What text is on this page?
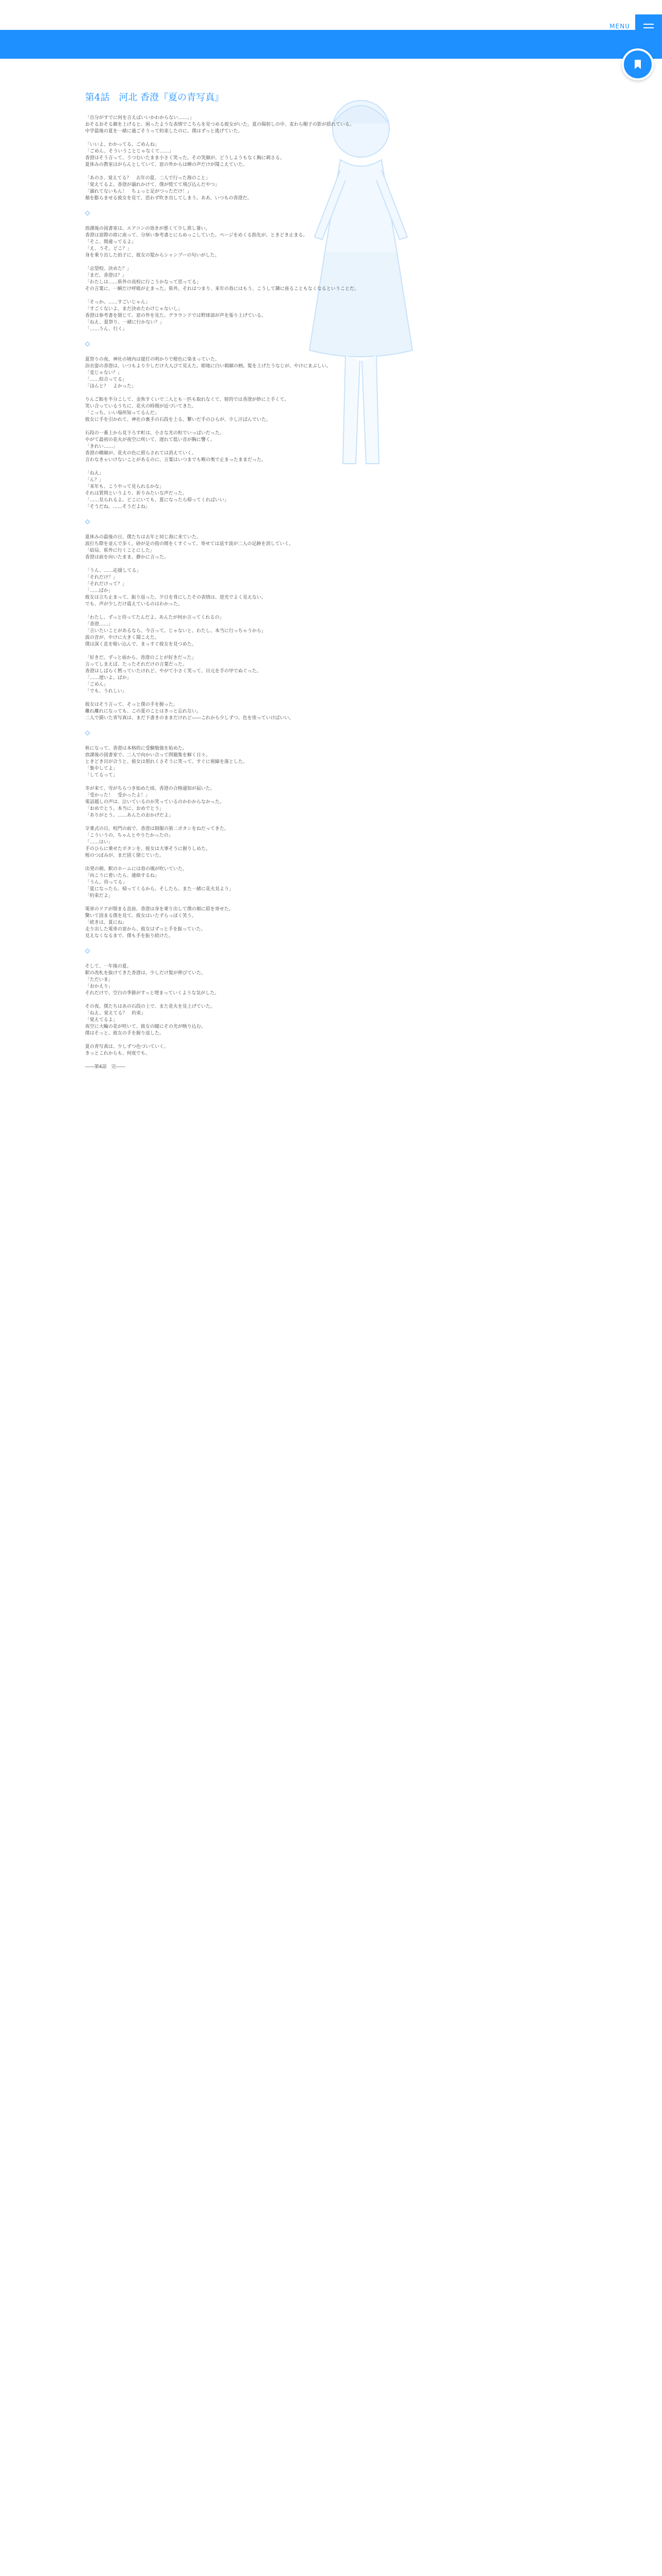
MENU
第4話　河北 香澄『夏の青写真』

「自分がすでに何を言えばいいかわからない……。」
おそるおそる顔を上げると、困ったような表情でこちらを見つめる彼女がいた。夏の陽射しの中、麦わら帽子の影が揺れている。
中学最後の夏を一緒に過ごそうって約束したのに、僕はずっと逃げていた。

「いいよ、わかってる。ごめんね」
「ごめん、そういうことじゃなくて……」
香澄はそう言って、うつむいたまま小さく笑った。その笑顔が、どうしようもなく胸に刺さる。
夏休みの教室はがらんとしていて、窓の外からは蝉の声だけが聞こえていた。

「あのさ、覚えてる？　去年の夏、二人で行った海のこと」
「覚えてるよ。香澄が溺れかけて、僕が慌てて飛び込んだやつ」
「溺れてないもん！　ちょっと足がつっただけ！」
頬を膨らませる彼女を見て、思わず吹き出してしまう。ああ、いつもの香澄だ。

◇

放課後の図書室は、エアコンの効きが悪くて少し蒸し暑い。
香澄は窓際の席に座って、分厚い参考書とにらめっこしていた。ページをめくる指先が、ときどき止まる。
「そこ、間違ってるよ」
「え、うそ。どこ？」
身を乗り出した拍子に、彼女の髪からシャンプーの匂いがした。

「志望校、決めた？」
「まだ。香澄は？」
「わたしは……県外の高校に行こうかなって思ってる」
その言葉に、一瞬だけ呼吸が止まった。県外。それはつまり、来年の春にはもう、こうして隣に座ることもなくなるということだ。

「そっか。……すごいじゃん」
「すごくないよ。まだ決めたわけじゃないし」
香澄は参考書を閉じて、窓の外を見た。グラウンドでは野球部が声を張り上げている。
「ねえ、夏祭り、一緒に行かない？」
「……うん、行く」

◇

夏祭りの夜、神社の境内は提灯の明かりで橙色に染まっていた。
浴衣姿の香澄は、いつもより少しだけ大人びて見えた。紺地に白い朝顔の柄。髪を上げたうなじが、やけにまぶしい。
「変じゃない？」
「……似合ってる」
「ほんと？　よかった」

りんご飴を半分こして、金魚すくいで二人とも一匹も取れなくて、射的では香澄が妙に上手くて。
笑い合っているうちに、花火の時間が近づいてきた。
「こっち。いい場所知ってるんだ」
彼女に手を引かれて、神社の裏手の石段を上る。繋いだ手のひらが、少し汗ばんでいた。

石段の一番上から見下ろす町は、小さな光の粒でいっぱいだった。
やがて最初の花火が夜空に咲いて、遅れて低い音が胸に響く。
「きれい……」
香澄の横顔が、花火の色に照らされては消えていく。
言わなきゃいけないことがあるのに、言葉はいつまでも喉の奥で止まったままだった。

「ねえ」
「ん？」
「来年も、こうやって見られるかな」
それは質問というより、祈りみたいな声だった。
「……見られるよ。どこにいても、夏になったら帰ってくればいい」
「そうだね。……そうだよね」

◇

夏休みの最後の日、僕たちは去年と同じ海に来ていた。
波打ち際を並んで歩く。砂が足の指の間をくすぐって、寄せては返す波が二人の足跡を消していく。
「結局、県外に行くことにした」
香澄は前を向いたまま、静かに言った。

「うん。……応援してる」
「それだけ？」
「それだけって？」
「……ばか」
彼女は立ち止まって、振り返った。夕日を背にしたその表情は、逆光でよく見えない。
でも、声が少しだけ震えているのはわかった。

「わたし、ずっと待ってたんだよ。あんたが何か言ってくれるの」
「香澄……」
「言いたいことがあるなら、今言って。じゃないと、わたし、本当に行っちゃうから」
波の音が、やけに大きく聞こえた。
僕は深く息を吸い込んで、まっすぐ彼女を見つめた。

「好きだ。ずっと前から、香澄のことが好きだった」
言ってしまえば、たったそれだけの言葉だった。
香澄はしばらく黙っていたけれど、やがて小さく笑って、目元を手の甲でぬぐった。
「……遅いよ、ばか」
「ごめん」
「でも、うれしい」

彼女はそう言って、そっと僕の手を握った。
離れ離れになっても、この夏のことはきっと忘れない。
二人で描いた青写真は、まだ下書きのままだけれど――これから少しずつ、色を塗っていけばいい。

◇

秋になって、香澄は本格的に受験勉強を始めた。
放課後の図書室で、二人で向かい合って問題集を解く日々。
ときどき目が合うと、彼女は照れくさそうに笑って、すぐに視線を落とした。
「集中してよ」
「してるって」

冬が来て、雪がちらつき始めた頃、香澄の合格通知が届いた。
「受かった！　受かったよ！」
電話越しの声は、泣いているのか笑っているのかわからなかった。
「おめでとう。本当に、おめでとう」
「ありがとう。……あんたのおかげだよ」

卒業式の日。校門の前で、香澄は制服の第二ボタンをねだってきた。
「こういうの、ちゃんとやりたかったの」
「……はい」
手のひらに乗せたボタンを、彼女は大事そうに握りしめた。
桜のつぼみが、まだ固く閉じていた。

出発の朝、駅のホームには春の風が吹いていた。
「向こうに着いたら、連絡するね」
「うん。待ってる」
「夏になったら、帰ってくるから。そしたら、また一緒に花火見よう」
「約束だよ」

電車のドアが閉まる直前、香澄は身を乗り出して僕の頬に唇を寄せた。
驚いて固まる僕を見て、彼女はいたずらっぽく笑う。
「続きは、夏にね」
走り出した電車の窓から、彼女はずっと手を振っていた。
見えなくなるまで、僕も手を振り続けた。

◇

そして、一年後の夏。
駅の改札を抜けてきた香澄は、少しだけ髪が伸びていた。
「ただいま」
「おかえり」
それだけで、空白の季節がすっと埋まっていくような気がした。

その夜、僕たちはあの石段の上で、また花火を見上げていた。
「ねえ、覚えてる？　約束」
「覚えてるよ」
夜空に大輪の花が咲いて、彼女の瞳にその光が映り込む。
僕はそっと、彼女の手を握り返した。

夏の青写真は、少しずつ色づいていく。
きっとこれからも、何度でも。

――第4話　完――
